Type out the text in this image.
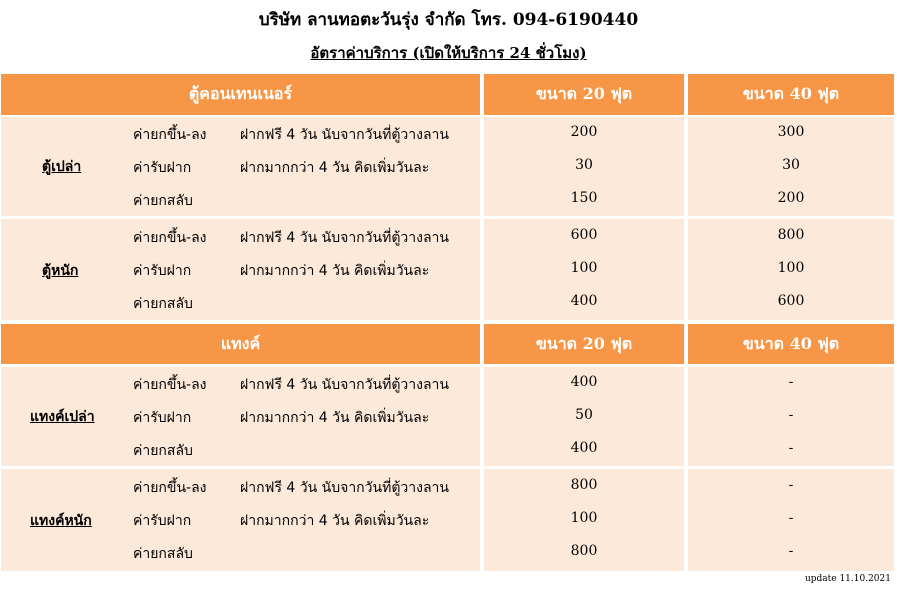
บริษัท ลานทอตะวันรุ่ง จำกัด โทร. 094-6190440
อัตราค่าบริการ (เปิดให้บริการ 24 ชั่วโมง)
ตู้คอนเทนเนอร์	ขนาด 20 ฟุต	ขนาด 40 ฟุต
ตู้เปล่า
ค่ายกขึ้น-ลง ฝากฟรี 4 วัน นับจากวันที่ตู้วางลาน	200	300
ค่ารับฝาก	ฝากมากกว่า 4 วัน คิดเพิ่มวันละ	30	30
ค่ายกสลับ	150	200
ตู้หนัก
ค่ายกขึ้น-ลง ฝากฟรี 4 วัน นับจากวันที่ตู้วางลาน	600	800
ค่ารับฝาก	ฝากมากกว่า 4 วัน คิดเพิ่มวันละ	100	100
ค่ายกสลับ	400	600
แทงค์	ขนาด 20 ฟุต	ขนาด 40 ฟุต
แทงค์เปล่า
ค่ายกขึ้น-ลง ฝากฟรี 4 วัน นับจากวันที่ตู้วางลาน	400	-
ค่ารับฝาก	ฝากมากกว่า 4 วัน คิดเพิ่มวันละ	50	-
ค่ายกสลับ	400	-
แทงค์หนัก
ค่ายกขึ้น-ลง ฝากฟรี 4 วัน นับจากวันที่ตู้วางลาน	800	-
ค่ารับฝาก	ฝากมากกว่า 4 วัน คิดเพิ่มวันละ	100	-
ค่ายกสลับ	800	-
update 11.10.2021
